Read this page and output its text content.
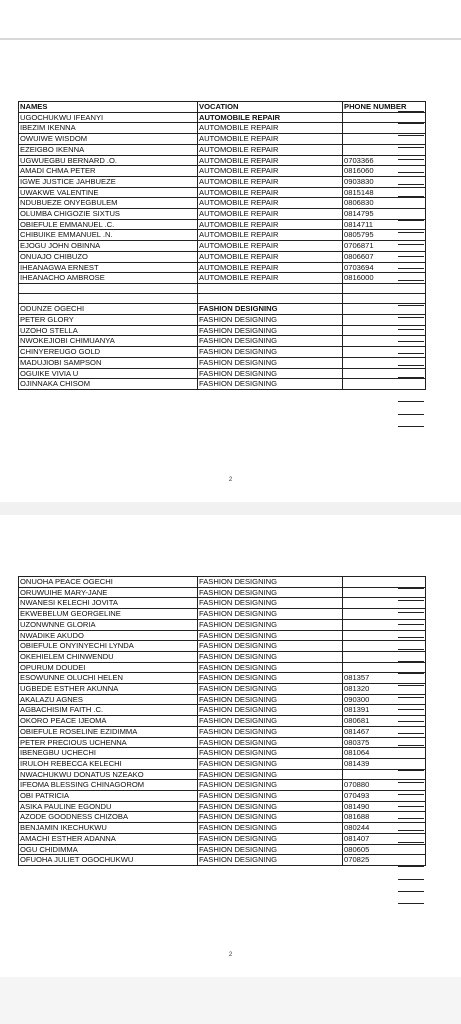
NAMES	VOCATION	PHONE NUMBER
UGOCHUKWU IFEANYI	AUTOMOBILE REPAIR	
IBEZIM IKENNA	AUTOMOBILE REPAIR	
OWUIWE WISDOM	AUTOMOBILE REPAIR	
EZEIGBO IKENNA	AUTOMOBILE REPAIR	
UGWUEGBU BERNARD .O.	AUTOMOBILE REPAIR	0703366
AMADI CHMA PETER	AUTOMOBILE REPAIR	0816060
IGWE JUSTICE JAHBUEZE	AUTOMOBILE REPAIR	0903830
UWAKWE VALENTINE	AUTOMOBILE REPAIR	0815148
NDUBUEZE ONYEGBULEM	AUTOMOBILE REPAIR	0806830
OLUMBA CHIGOZIE SIXTUS	AUTOMOBILE REPAIR	0814795
OBIEFULE EMMANUEL .C.	AUTOMOBILE REPAIR	0814711
CHIBUIKE EMMANUEL .N.	AUTOMOBILE REPAIR	0805795
EJOGU JOHN OBINNA	AUTOMOBILE REPAIR	0706871
ONUAJO CHIBUZO	AUTOMOBILE REPAIR	0806607
IHEANAGWA ERNEST	AUTOMOBILE REPAIR	0703694
IHEANACHO AMBROSE	AUTOMOBILE REPAIR	0816000

ODUNZE OGECHI	FASHION DESIGNING	
PETER GLORY	FASHION DESIGNING	
UZOHO STELLA	FASHION DESIGNING	
NWOKEJIOBI CHIMUANYA	FASHION DESIGNING	
CHINYEREUGO GOLD	FASHION DESIGNING	
MADUJIOBI SAMPSON	FASHION DESIGNING	
OGUIKE VIVIA U	FASHION DESIGNING	
OJINNAKA CHISOM	FASHION DESIGNING	
2
ONUOHA PEACE OGECHI	FASHION DESIGNING	
ORUWUIHE MARY-JANE	FASHION DESIGNING	
NWANESI KELECHI JOVITA	FASHION DESIGNING	
EKWEBELUM GEORGELINE	FASHION DESIGNING	
UZONWNNE GLORIA	FASHION DESIGNING	
NWADIKE AKUDO	FASHION DESIGNING	
OBIEFULE ONYINYECHI LYNDA	FASHION DESIGNING	
OKEHIELEM CHINWENDU	FASHION DESIGNING	
OPURUM DOUDEI	FASHION DESIGNING	
ESOWUNNE OLUCHI HELEN	FASHION DESIGNING	081357
UGBEDE ESTHER AKUNNA	FASHION DESIGNING	081320
AKALAZU AGNES	FASHION DESIGNING	090300
AGBACHISIM FAITH .C.	FASHION DESIGNING	081391
OKORO PEACE IJEOMA	FASHION DESIGNING	080681
OBIEFULE ROSELINE EZIDIMMA	FASHION DESIGNING	081467
PETER PRECIOUS UCHENNA	FASHION DESIGNING	080375
IBENEGBU UCHECHI	FASHION DESIGNING	081064
IRULOH REBECCA KELECHI	FASHION DESIGNING	081439
NWACHUKWU DONATUS NZEAKO	FASHION DESIGNING	
IFEOMA BLESSING CHINAGOROM	FASHION DESIGNING	070880
OBI PATRICIA	FASHION DESIGNING	070493
ASIKA PAULINE EGONDU	FASHION DESIGNING	081490
AZODE GOODNESS CHIZOBA	FASHION DESIGNING	081688
BENJAMIN IKECHUKWU	FASHION DESIGNING	080244
AMACHI ESTHER ADANNA	FASHION DESIGNING	081407
OGU CHIDIMMA	FASHION DESIGNING	080605
OFUOHA JULIET OGOCHUKWU	FASHION DESIGNING	070825
2
